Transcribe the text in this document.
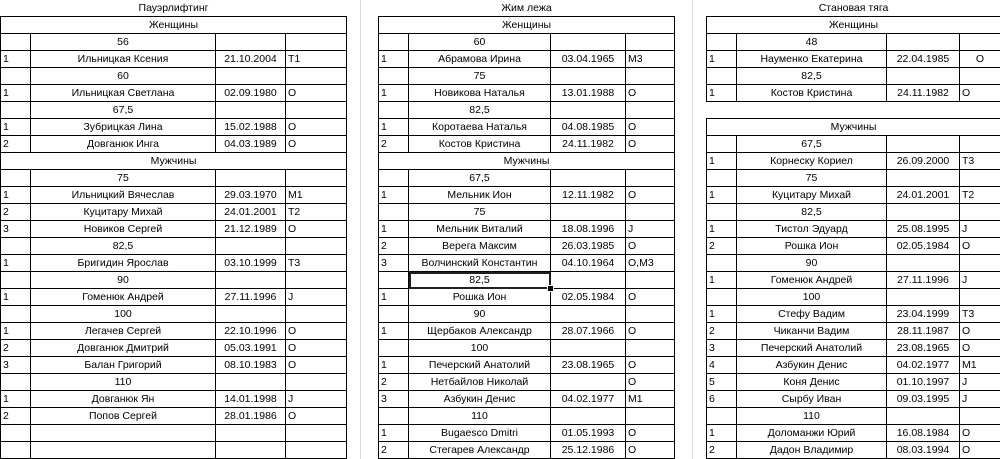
Пауэрлифтинг			
Женщины			
	56		
1	Ильницкая Ксения	21.10.2004	T1
	60		
1	Ильницкая Светлана	02.09.1980	O
	67,5		
1	Зубрицкая Лина	15.02.1988	O
2	Довганюк Инга	04.03.1989	O
Мужчины			
	75		
1	Ильницкий Вячеслав	29.03.1970	M1
2	Куцитару Михай	24.01.2001	T2
3	Новиков Сергей	21.12.1989	O
	82,5		
1	Бригидин Ярослав	03.10.1999	T3
	90		
1	Гоменюк Андрей	27.11.1996	J
	100		
1	Легачев Сергей	22.10.1996	O
2	Довганюк Дмитрий	05.03.1991	O
3	Балан Григорий	08.10.1983	O
	110		
1	Довганюк Ян	14.01.1998	J
2	Попов Сергей	28.01.1986	O

Жим лежа			
Женщины			
	60		
1	Абрамова Ирина	03.04.1965	M3
	75		
1	Новикова Наталья	13.01.1988	O
	82,5		
1	Коротаева Наталья	04.08.1985	O
2	Костов Кристина	24.11.1982	O
Мужчины			
	67,5		
1	Мельник Ион	12.11.1982	O
	75		
1	Мельник Виталий	18.08.1996	J
2	Верега Максим	26.03.1985	O
3	Волчинский Константин	04.10.1964	O,M3
	82,5		
1	Рошка Ион	02.05.1984	O
	90		
1	Щербаков Александр	28.07.1966	O
	100		
1	Печерский Анатолий	23.08.1965	O
2	Нетбайлов Николай		O
3	Азбукин Денис	04.02.1977	M1
	110		
1	Bugaesco Dmitri	01.05.1993	O
2	Стегарев Александр	25.12.1986	O
Становая тяга			
Женщины			
	48		
1	Науменко Екатерина	22.04.1985	O
	82,5		
1	Костов Кристина	24.11.1982	O

Мужчины			
	67,5		
1	Корнеску Кориел	26.09.2000	T3
	75		
1	Куцитару Михай	24.01.2001	T2
	82,5		
1	Тистол Эдуард	25.08.1995	J
2	Рошка Ион	02.05.1984	O
	90		
1	Гоменюк Андрей	27.11.1996	J
	100		
1	Стефу Вадим	23.04.1999	T3
2	Чиканчи Вадим	28.11.1987	O
3	Печерский Анатолий	23.08.1965	O
4	Азбукин Денис	04.02.1977	M1
5	Коня Денис	01.10.1997	J
6	Сырбу Иван	09.03.1995	J
	110		
1	Доломанжи Юрий	16.08.1984	O
2	Дадон Владимир	08.03.1994	O
